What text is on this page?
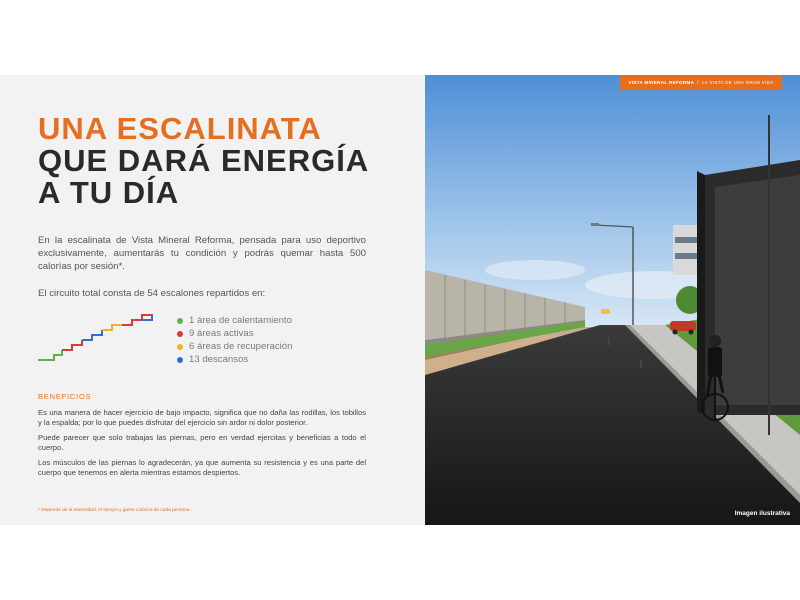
UNA ESCALINATA
QUE DARÁ ENERGÍA
A TU DÍA

En la escalinata de Vista Mineral Reforma, pensada para uso deportivo exclusivamente, aumentarás tu condición y podrás quemar hasta 500 calorías por sesión*.

El circuito total consta de 54 escalones repartidos en:
1 área de calentamiento
9 áreas activas
6 áreas de recuperación
13 descansos
BENEFICIOS

Es una manera de hacer ejercicio de bajo impacto, significa que no daña las rodillas, los tobillos y la espalda; por lo que puedes disfrutar del ejercicio sin ardor ni dolor posterior.

Puede parecer que solo trabajas las piernas, pero en verdad ejercitas y beneficias a todo el cuerpo.

Los músculos de las piernas lo agradecerán, ya que aumenta su resistencia y es una parte del cuerpo que tenemos en alerta mientras estamos despiertos.

* Depende de la intensidad, el tiempo y gasto calórico de cada persona.
VISTA MINERAL REFORMA / LA VISTA DE UNA GRAN VIDA
Imagen ilustrativa
